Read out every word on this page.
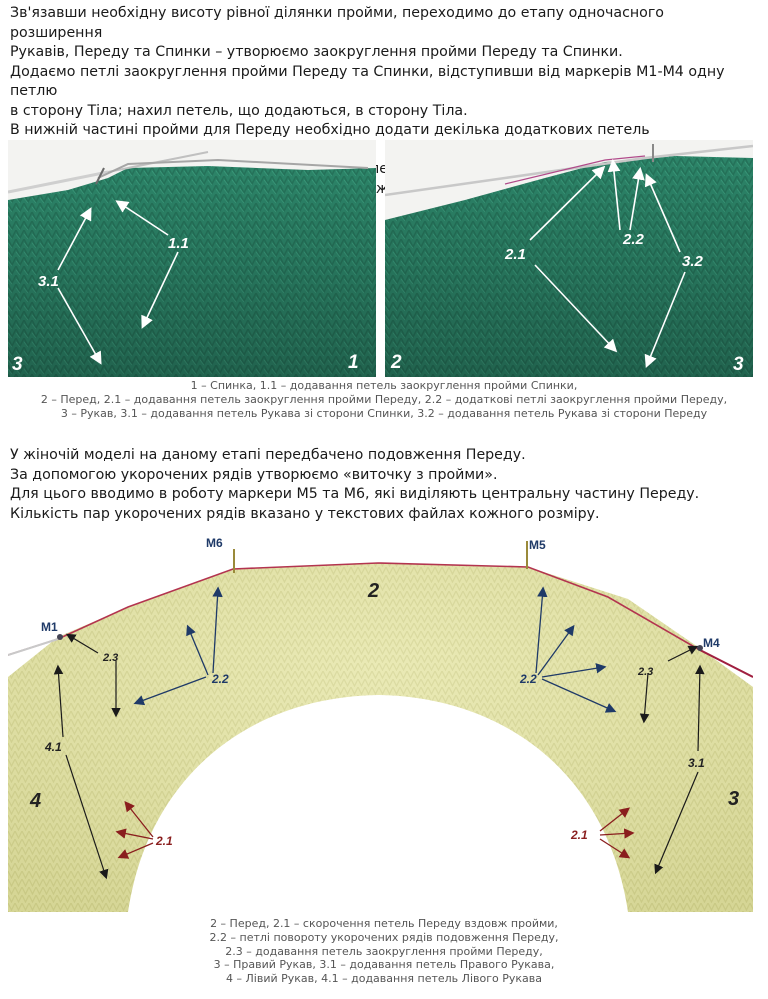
Зв'язавши необхідну висоту рівної ділянки пройми, переходимо до етапу одночасного розширення

Рукавів, Переду та Спинки – утворюємо заокруглення пройми Переду та Спинки.

Додаємо петлі заокруглення пройми Переду та Спинки, відступивши від маркерів М1-М4 одну петлю

в сторону Тіла; нахил петель, що додаються, в сторону Тіла.

В нижній частині пройми для Переду необхідно додати декілька додаткових петель

1.1
3.1
3	1
2.2
2.1	3.2
2	3
1 – Спинка, 1.1 – додавання петель заокруглення пройми Спинки,
2 – Перед, 2.1 – додавання петель заокруглення пройми Переду, 2.2 – додаткові петлі заокруглення пройми Переду,
3 – Рукав, 3.1 – додавання петель Рукава зі сторони Спинки, 3.2 – додавання петель Рукава зі сторони Переду

У жіночій моделі на даному етапі передбачено подовження Переду.

За допомогою укорочених рядів утворюємо «виточку з пройми».

Для цього вводимо в роботу маркери М5 та М6, які виділяють центральну частину Переду.

Кількість пар укорочених рядів вказано у текстових файлах кожного розміру.

M6	M5
M1
M4
2
2.3
2.3
2.2	2.2
4.1
3.1
2.1	2.1
4	3
2 – Перед, 2.1 – скорочення петель Переду вздовж пройми,
2.2 – петлі повороту укорочених рядів подовження Переду,
2.3 – додавання петель заокруглення пройми Переду,
3 – Правий Рукав, 3.1 – додавання петель Правого Рукава,
4 – Лівий Рукав, 4.1 – додавання петель Лівого Рукава
